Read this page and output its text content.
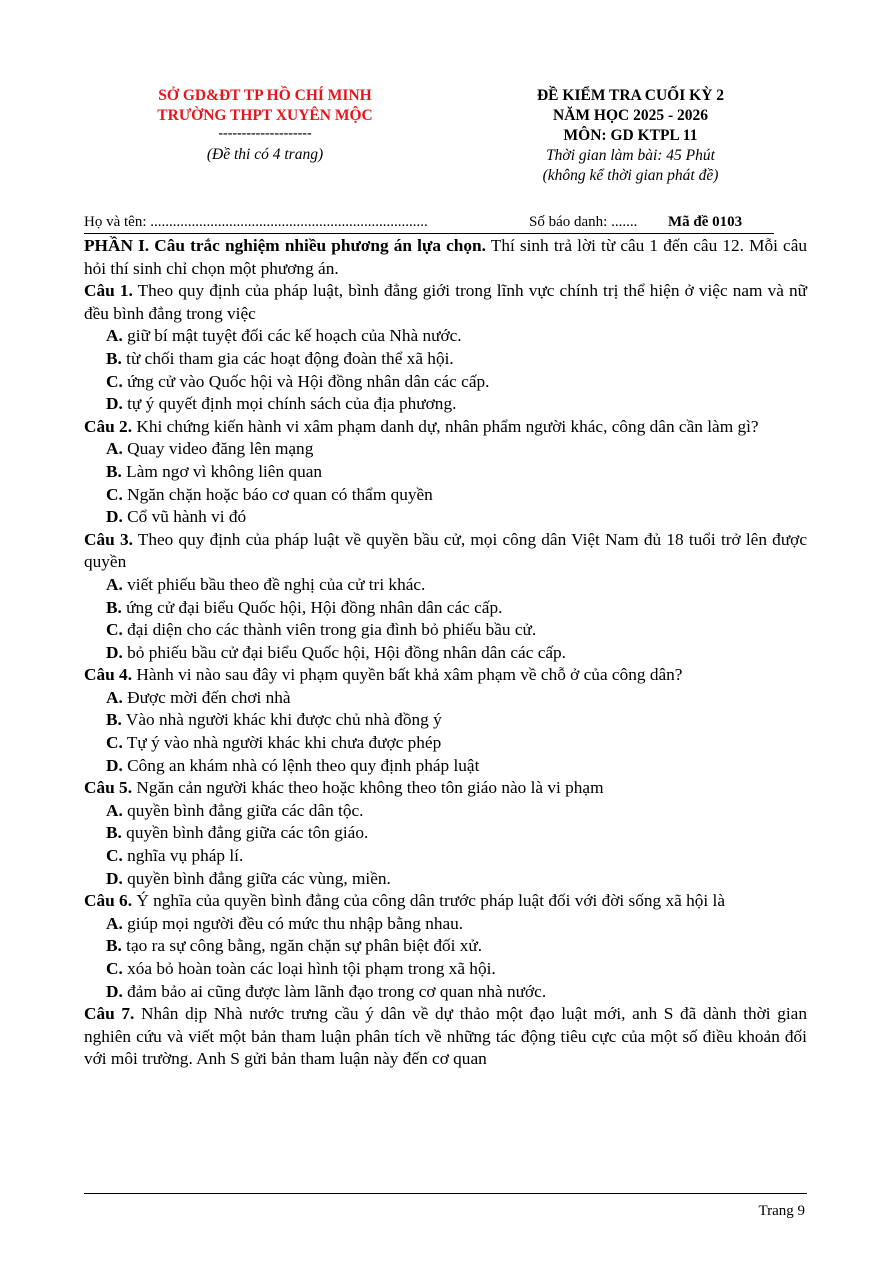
SỞ GD&ĐT TP HỒ CHÍ MINH
TRƯỜNG THPT XUYÊN MỘC
--------------------
(Đề thi có 4 trang)
ĐỀ KIỂM TRA CUỐI KỲ 2
NĂM HỌC 2025 - 2026
MÔN: GD KTPL 11
Thời gian làm bài: 45 Phút
(không kể thời gian phát đề)
Họ và tên: ..........................................................................	Số báo danh: ....... Mã đề 0103

PHẦN I. Câu trắc nghiệm nhiều phương án lựa chọn. Thí sinh trả lời từ câu 1 đến câu 12. Mỗi câu hỏi thí sinh chỉ chọn một phương án.

Câu 1. Theo quy định của pháp luật, bình đẳng giới trong lĩnh vực chính trị thể hiện ở việc nam và nữ đều bình đẳng trong việc

A. giữ bí mật tuyệt đối các kế hoạch của Nhà nước.

B. từ chối tham gia các hoạt động đoàn thể xã hội.

C. ứng cử vào Quốc hội và Hội đồng nhân dân các cấp.

D. tự ý quyết định mọi chính sách của địa phương.

Câu 2. Khi chứng kiến hành vi xâm phạm danh dự, nhân phẩm người khác, công dân cần làm gì?

A. Quay video đăng lên mạng

B. Làm ngơ vì không liên quan

C. Ngăn chặn hoặc báo cơ quan có thẩm quyền

D. Cổ vũ hành vi đó

Câu 3. Theo quy định của pháp luật về quyền bầu cử, mọi công dân Việt Nam đủ 18 tuổi trở lên được quyền

A. viết phiếu bầu theo đề nghị của cử tri khác.

B. ứng cử đại biểu Quốc hội, Hội đồng nhân dân các cấp.

C. đại diện cho các thành viên trong gia đình bỏ phiếu bầu cử.

D. bỏ phiếu bầu cử đại biểu Quốc hội, Hội đồng nhân dân các cấp.

Câu 4. Hành vi nào sau đây vi phạm quyền bất khả xâm phạm về chỗ ở của công dân?

A. Được mời đến chơi nhà

B. Vào nhà người khác khi được chủ nhà đồng ý

C. Tự ý vào nhà người khác khi chưa được phép

D. Công an khám nhà có lệnh theo quy định pháp luật

Câu 5. Ngăn cản người khác theo hoặc không theo tôn giáo nào là vi phạm

A. quyền bình đẳng giữa các dân tộc.

B. quyền bình đẳng giữa các tôn giáo.

C. nghĩa vụ pháp lí.

D. quyền bình đẳng giữa các vùng, miền.

Câu 6. Ý nghĩa của quyền bình đẳng của công dân trước pháp luật đối với đời sống xã hội là

A. giúp mọi người đều có mức thu nhập bằng nhau.

B. tạo ra sự công bằng, ngăn chặn sự phân biệt đối xử.

C. xóa bỏ hoàn toàn các loại hình tội phạm trong xã hội.

D. đảm bảo ai cũng được làm lãnh đạo trong cơ quan nhà nước.

Câu 7. Nhân dịp Nhà nước trưng cầu ý dân về dự thảo một đạo luật mới, anh S đã dành thời gian nghiên cứu và viết một bản tham luận phân tích về những tác động tiêu cực của một số điều khoản đối với môi trường. Anh S gửi bản tham luận này đến cơ quan

Trang 9
